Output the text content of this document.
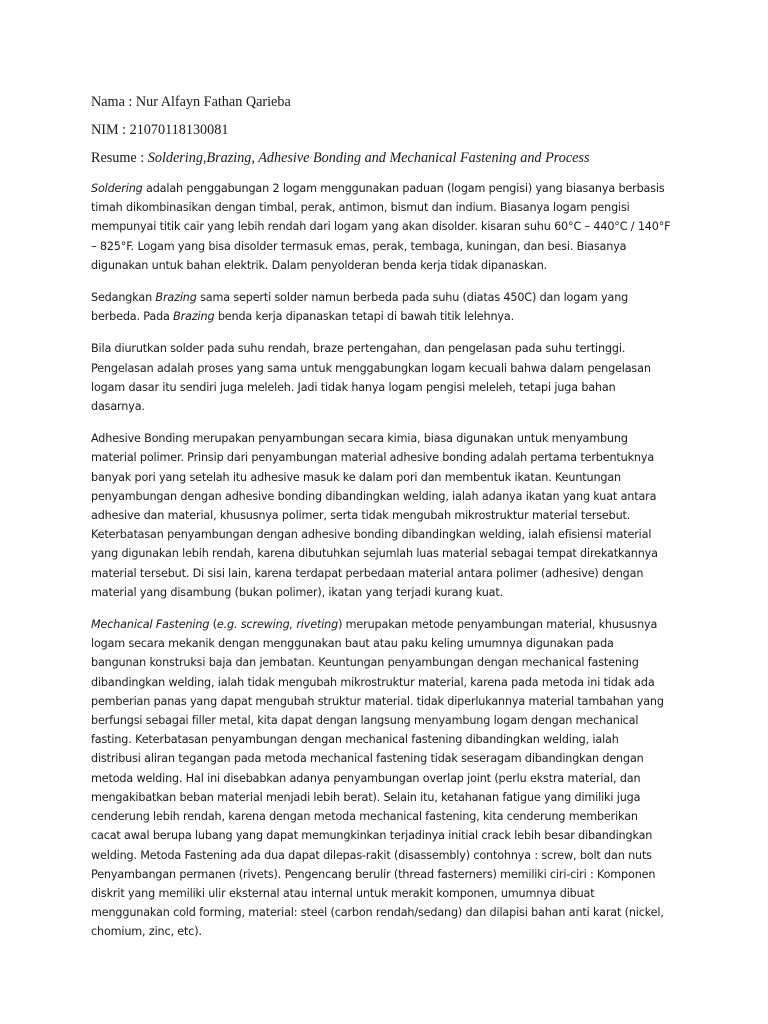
Nama : Nur Alfayn Fathan Qarieba
NIM : 21070118130081
Resume : Soldering,Brazing, Adhesive Bonding and Mechanical Fastening and Process
Soldering adalah penggabungan 2 logam menggunakan paduan (logam pengisi) yang biasanya berbasis
timah dikombinasikan dengan timbal, perak, antimon, bismut dan indium. Biasanya logam pengisi
mempunyai titik cair yang lebih rendah dari logam yang akan disolder. kisaran suhu 60°C – 440°C / 140°F
– 825°F. Logam yang bisa disolder termasuk emas, perak, tembaga, kuningan, dan besi. Biasanya
digunakan untuk bahan elektrik. Dalam penyolderan benda kerja tidak dipanaskan.
Sedangkan Brazing sama seperti solder namun berbeda pada suhu (diatas 450C) dan logam yang
berbeda. Pada Brazing benda kerja dipanaskan tetapi di bawah titik lelehnya.
Bila diurutkan solder pada suhu rendah, braze pertengahan, dan pengelasan pada suhu tertinggi.
Pengelasan adalah proses yang sama untuk menggabungkan logam kecuali bahwa dalam pengelasan
logam dasar itu sendiri juga meleleh. Jadi tidak hanya logam pengisi meleleh, tetapi juga bahan
dasarnya.
Adhesive Bonding merupakan penyambungan secara kimia, biasa digunakan untuk menyambung
material polimer. Prinsip dari penyambungan material adhesive bonding adalah pertama terbentuknya
banyak pori yang setelah itu adhesive masuk ke dalam pori dan membentuk ikatan. Keuntungan
penyambungan dengan adhesive bonding dibandingkan welding, ialah adanya ikatan yang kuat antara
adhesive dan material, khususnya polimer, serta tidak mengubah mikrostruktur material tersebut.
Keterbatasan penyambungan dengan adhesive bonding dibandingkan welding, ialah efisiensi material
yang digunakan lebih rendah, karena dibutuhkan sejumlah luas material sebagai tempat direkatkannya
material tersebut. Di sisi lain, karena terdapat perbedaan material antara polimer (adhesive) dengan
material yang disambung (bukan polimer), ikatan yang terjadi kurang kuat.
Mechanical Fastening (e.g. screwing, riveting) merupakan metode penyambungan material, khususnya
logam secara mekanik dengan menggunakan baut atau paku keling umumnya digunakan pada
bangunan konstruksi baja dan jembatan. Keuntungan penyambungan dengan mechanical fastening
dibandingkan welding, ialah tidak mengubah mikrostruktur material, karena pada metoda ini tidak ada
pemberian panas yang dapat mengubah struktur material. tidak diperlukannya material tambahan yang
berfungsi sebagai filler metal, kita dapat dengan langsung menyambung logam dengan mechanical
fasting. Keterbatasan penyambungan dengan mechanical fastening dibandingkan welding, ialah
distribusi aliran tegangan pada metoda mechanical fastening tidak seseragam dibandingkan dengan
metoda welding. Hal ini disebabkan adanya penyambungan overlap joint (perlu ekstra material, dan
mengakibatkan beban material menjadi lebih berat). Selain itu, ketahanan fatigue yang dimiliki juga
cenderung lebih rendah, karena dengan metoda mechanical fastening, kita cenderung memberikan
cacat awal berupa lubang yang dapat memungkinkan terjadinya initial crack lebih besar dibandingkan
welding. Metoda Fastening ada dua dapat dilepas-rakit (disassembly) contohnya : screw, bolt dan nuts
Penyambangan permanen (rivets). Pengencang berulir (thread fasterners) memiliki ciri-ciri : Komponen
diskrit yang memiliki ulir eksternal atau internal untuk merakit komponen, umumnya dibuat
menggunakan cold forming, material: steel (carbon rendah/sedang) dan dilapisi bahan anti karat (nickel,
chomium, zinc, etc).
